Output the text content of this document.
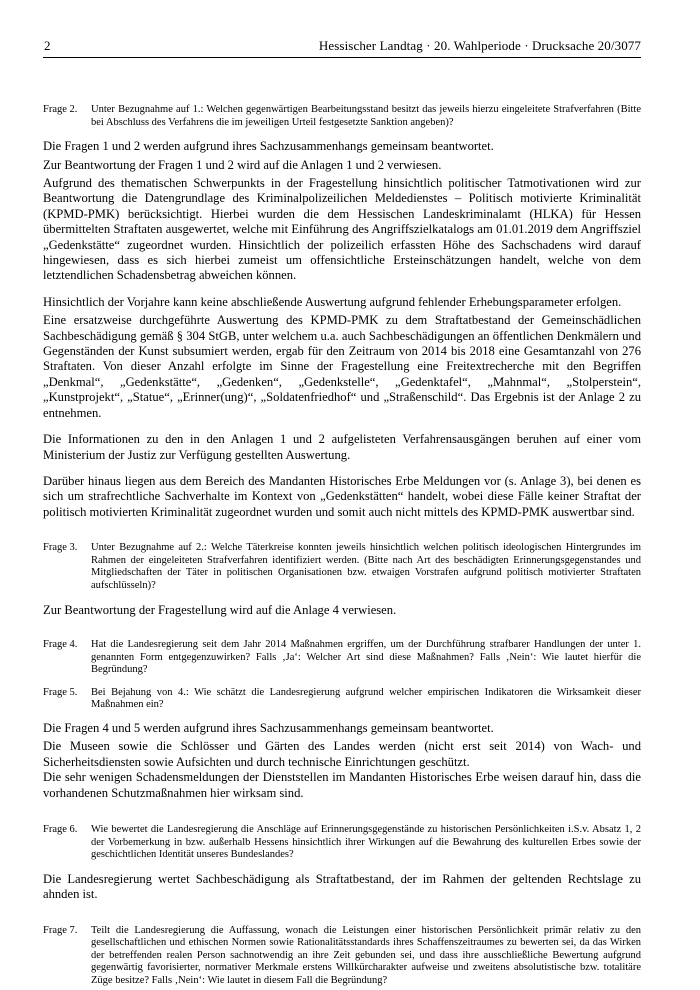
2	Hessischer Landtag · 20. Wahlperiode · Drucksache 20/3077
Frage 2.	Unter Bezugnahme auf 1.: Welchen gegenwärtigen Bearbeitungsstand besitzt das jeweils hierzu eingeleitete Strafverfahren (Bitte bei Abschluss des Verfahrens die im jeweiligen Urteil festgesetzte Sanktion angeben)?

Die Fragen 1 und 2 werden aufgrund ihres Sachzusammenhangs gemeinsam beantwortet.

Zur Beantwortung der Fragen 1 und 2 wird auf die Anlagen 1 und 2 verwiesen.

Aufgrund des thematischen Schwerpunkts in der Fragestellung hinsichtlich politischer Tatmotivationen wird zur Beantwortung die Datengrundlage des Kriminalpolizeilichen Meldedienstes – Politisch motivierte Kriminalität (KPMD-PMK) berücksichtigt. Hierbei wurden die dem Hessischen Landeskriminalamt (HLKA) für Hessen übermittelten Straftaten ausgewertet, welche mit Einführung des Angriffszielkatalogs am 01.01.2019 dem Angriffsziel „Gedenkstätte“ zugeordnet wurden. Hinsichtlich der polizeilich erfassten Höhe des Sachschadens wird darauf hingewiesen, dass es sich hierbei zumeist um offensichtliche Ersteinschätzungen handelt, welche von dem letztendlichen Schadensbetrag abweichen können.

Hinsichtlich der Vorjahre kann keine abschließende Auswertung aufgrund fehlender Erhebungsparameter erfolgen.

Eine ersatzweise durchgeführte Auswertung des KPMD-PMK zu dem Straftatbestand der Gemeinschädlichen Sachbeschädigung gemäß § 304 StGB, unter welchem u.a. auch Sachbeschädigungen an öffentlichen Denkmälern und Gegenständen der Kunst subsumiert werden, ergab für den Zeitraum von 2014 bis 2018 eine Gesamtanzahl von 276 Straftaten. Von dieser Anzahl erfolgte im Sinne der Fragestellung eine Freitextrecherche mit den Begriffen „Denkmal“, „Gedenkstätte“, „Gedenken“, „Gedenkstelle“, „Gedenktafel“, „Mahnmal“, „Stolperstein“, „Kunstprojekt“, „Statue“, „Erinner(ung)“, „Soldatenfriedhof“ und „Straßenschild“. Das Ergebnis ist der Anlage 2 zu entnehmen.

Die Informationen zu den in den Anlagen 1 und 2 aufgelisteten Verfahrensausgängen beruhen auf einer vom Ministerium der Justiz zur Verfügung gestellten Auswertung.

Darüber hinaus liegen aus dem Bereich des Mandanten Historisches Erbe Meldungen vor (s. Anlage 3), bei denen es sich um strafrechtliche Sachverhalte im Kontext von „Gedenkstätten“ handelt, wobei diese Fälle keiner Straftat der politisch motivierten Kriminalität zugeordnet wurden und somit auch nicht mittels des KPMD-PMK auswertbar sind.

Frage 3.	Unter Bezugnahme auf 2.: Welche Täterkreise konnten jeweils hinsichtlich welchen politisch ideologischen Hintergrundes im Rahmen der eingeleiteten Strafverfahren identifiziert werden. (Bitte nach Art des beschädigten Erinnerungsgegenstandes und Mitgliedschaften der Täter in politischen Organisationen bzw. etwaigen Vorstrafen aufgrund politisch motivierter Straftaten aufschlüsseln)?

Zur Beantwortung der Fragestellung wird auf die Anlage 4 verwiesen.

Frage 4.	Hat die Landesregierung seit dem Jahr 2014 Maßnahmen ergriffen, um der Durchführung strafbarer Handlungen der unter 1. genannten Form entgegenzuwirken? Falls ‚Ja‘: Welcher Art sind diese Maßnahmen? Falls ‚Nein‘: Wie lautet hierfür die Begründung?
Frage 5.	Bei Bejahung von 4.: Wie schätzt die Landesregierung aufgrund welcher empirischen Indikatoren die Wirksamkeit dieser Maßnahmen ein?

Die Fragen 4 und 5 werden aufgrund ihres Sachzusammenhangs gemeinsam beantwortet.

Die Museen sowie die Schlösser und Gärten des Landes werden (nicht erst seit 2014) von Wach- und Sicherheitsdiensten sowie Aufsichten und durch technische Einrichtungen geschützt.

Die sehr wenigen Schadensmeldungen der Dienststellen im Mandanten Historisches Erbe weisen darauf hin, dass die vorhandenen Schutzmaßnahmen hier wirksam sind.

Frage 6.	Wie bewertet die Landesregierung die Anschläge auf Erinnerungsgegenstände zu historischen Persönlichkeiten i.S.v. Absatz 1, 2 der Vorbemerkung in bzw. außerhalb Hessens hinsichtlich ihrer Wirkungen auf die Bewahrung des kulturellen Erbes sowie der geschichtlichen Identität unseres Bundeslandes?

Die Landesregierung wertet Sachbeschädigung als Straftatbestand, der im Rahmen der geltenden Rechtslage zu ahnden ist.

Frage 7.	Teilt die Landesregierung die Auffassung, wonach die Leistungen einer historischen Persönlichkeit primär relativ zu den gesellschaftlichen und ethischen Normen sowie Rationalitätsstandards ihres Schaffenszeitraumes zu bewerten sei, da das Wirken der betreffenden realen Person sachnotwendig an ihre Zeit gebunden sei, und dass ihre ausschließliche Bewertung aufgrund gegenwärtig favorisierter, normativer Merkmale erstens Willkürcharakter aufweise und zweitens absolutistische bzw. totalitäre Züge besitze? Falls ‚Nein‘: Wie lautet in diesem Fall die Begründung?
